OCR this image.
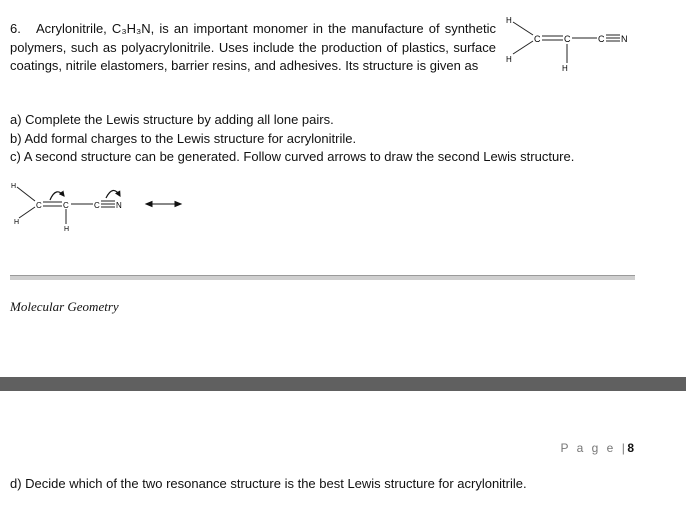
6. Acrylonitrile, C₃H₃N, is an important monomer in the manufacture of synthetic polymers, such as polyacrylonitrile. Uses include the production of plastics, surface coatings, nitrile elastomers, barrier resins, and adhesives. Its structure is given as
H
H
H
C	C	C N
a) Complete the Lewis structure by adding all lone pairs.
b) Add formal charges to the Lewis structure for acrylonitrile.
c) A second structure can be generated. Follow curved arrows to draw the second Lewis structure.
H
H
H
C	C	C N
Molecular Geometry
P a g e |8
d) Decide which of the two resonance structure is the best Lewis structure for acrylonitrile.
